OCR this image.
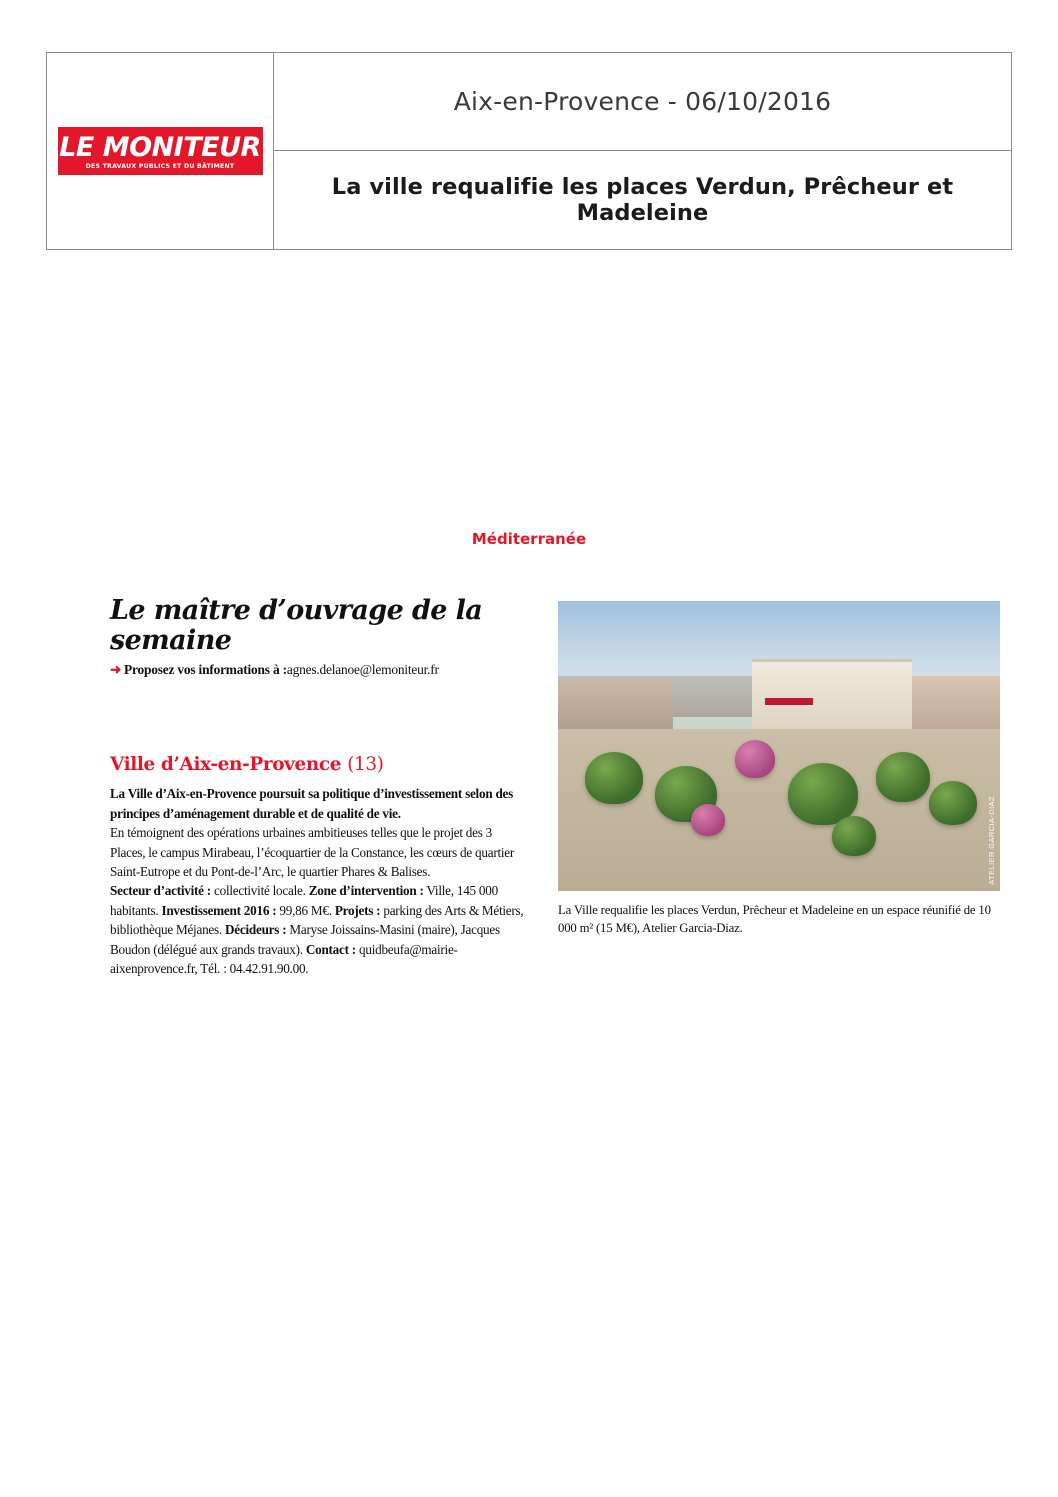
LE MONITEUR
DES TRAVAUX PUBLICS ET DU BÂTIMENT
Aix-en-Provence - 06/10/2016
La ville requalifie les places Verdun, Prêcheur et Madeleine
Méditerranée
Le maître d’ouvrage de la semaine
➜ Proposez vos informations à :agnes.delanoe@lemoniteur.fr
Ville d’Aix-en-Provence (13)

La Ville d’Aix-en-Provence poursuit sa politique d’investissement selon des principes d’aménagement durable et de qualité de vie.

En témoignent des opérations urbaines ambitieuses telles que le projet des 3 Places, le campus Mirabeau, l’écoquartier de la Constance, les cœurs de quartier Saint-Eutrope et du Pont-de-l’Arc, le quartier Phares & Balises.

Secteur d’activité : collectivité locale. Zone d’intervention : Ville, 145 000 habitants. Investissement 2016 : 99,86 M€. Projets : parking des Arts & Métiers, bibliothèque Méjanes. Décideurs : Maryse Joissains-Masini (maire), Jacques Boudon (délégué aux grands travaux). Contact : quidbeufa@mairie-aixenprovence.fr, Tél. : 04.42.91.90.00.

ATELIER GARCIA-DIAZ
La Ville requalifie les places Verdun, Prêcheur et Madeleine en un espace réunifié de 10 000 m² (15 M€), Atelier Garcia-Diaz.
